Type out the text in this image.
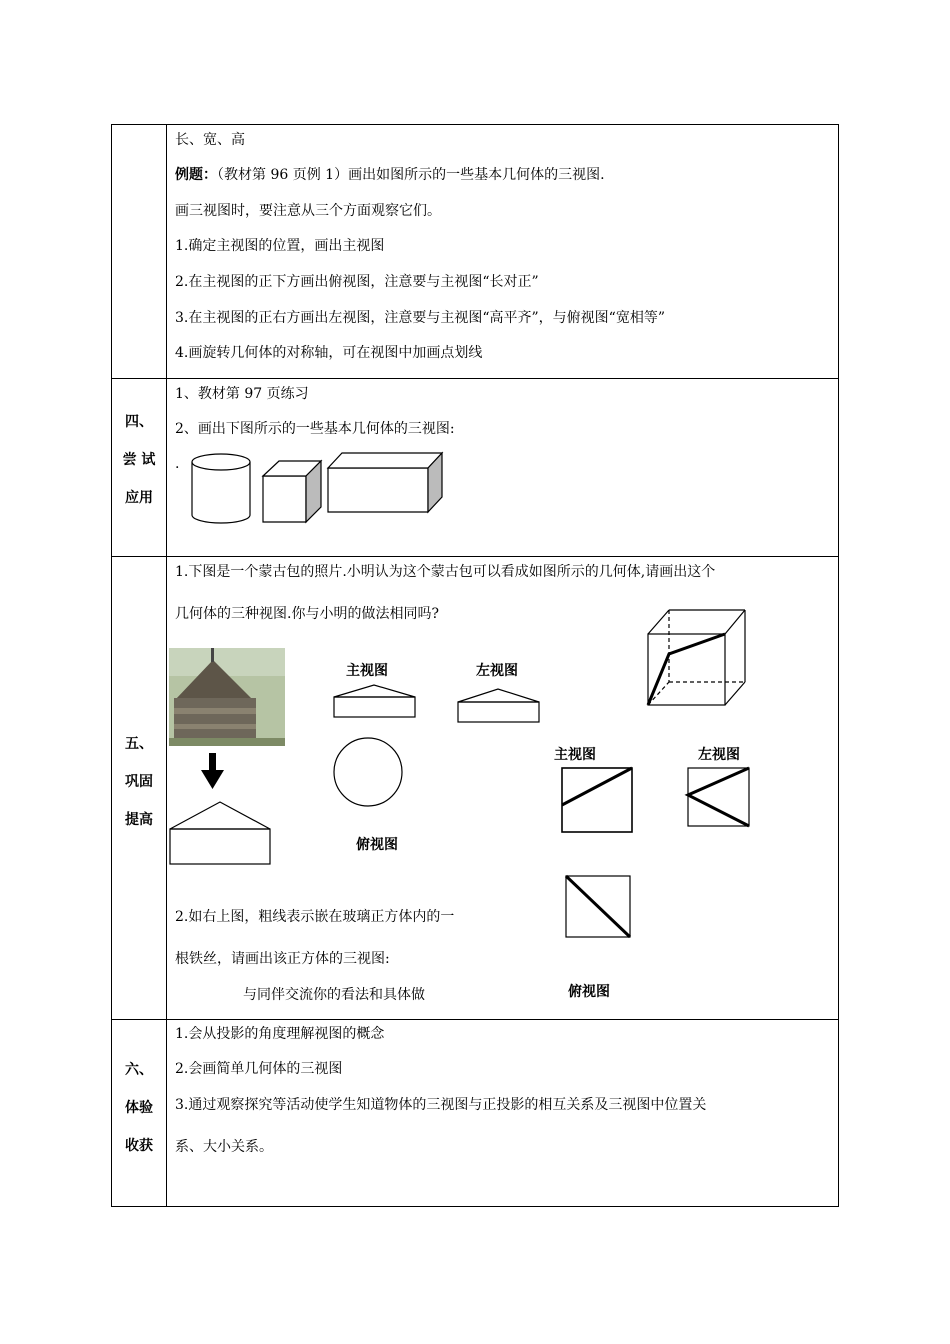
长、宽、高
例题：（教材第 96 页例 1）画出如图所示的一些基本几何体的三视图.
画三视图时，要注意从三个方面观察它们。
1.确定主视图的位置，画出主视图
2.在主视图的正下方画出俯视图，注意要与主视图“长对正”
3.在主视图的正右方画出左视图，注意要与主视图“高平齐”，与俯视图“宽相等”
4.画旋转几何体的对称轴，可在视图中加画点划线
四、
尝 试
应用
1、教材第 97 页练习
2、画出下图所示的一些基本几何体的三视图:
.
五、
巩固
提高
1.下图是一个蒙古包的照片.小明认为这个蒙古包可以看成如图所示的几何体,请画出这个
几何体的三种视图.你与小明的做法相同吗?
主视图	左视图
俯视图
2.如右上图，粗线表示嵌在玻璃正方体内的一
根铁丝，请画出该正方体的三视图:
与同伴交流你的看法和具体做
主视图	左视图
俯视图
六、
体验
收获
1.会从投影的角度理解视图的概念
2.会画简单几何体的三视图
3.通过观察探究等活动使学生知道物体的三视图与正投影的相互关系及三视图中位置关
系、大小关系。
